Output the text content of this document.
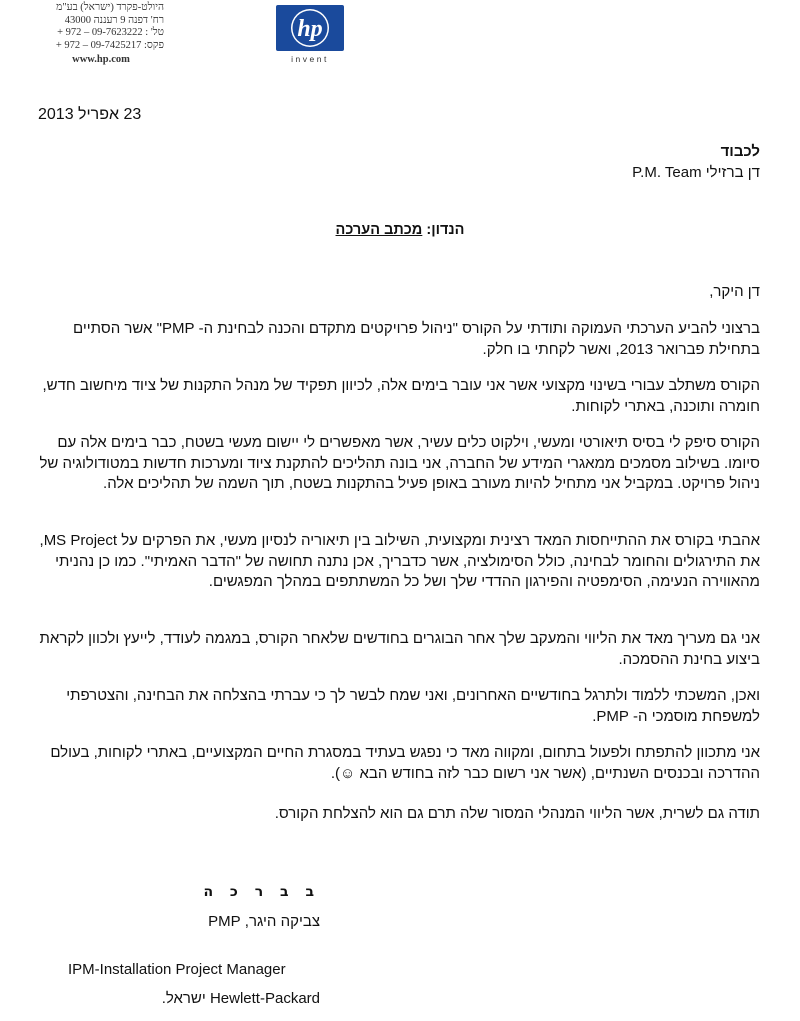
היולט-פקרד (ישראל) בע"מ
רח' דפנה 9 רעננה 43000
טל' : 09-7623222 – 972 +
פקס: 09-7425217 – 972 +
www.hp.com
hp
invent
23 אפריל 2013
לכבוד
דן ברזילי P.M. Team
הנדון: מכתב הערכה

דן היקר,

ברצוני להביע הערכתי העמוקה ותודתי על הקורס "ניהול פרויקטים מתקדם והכנה לבחינת ה- PMP" אשר הסתיים בתחילת פברואר 2013, ואשר לקחתי בו חלק.

הקורס משתלב עבורי בשינוי מקצועי אשר אני עובר בימים אלה, לכיוון תפקיד של מנהל התקנות של ציוד מיחשוב חדש, חומרה ותוכנה, באתרי לקוחות.

הקורס סיפק לי בסיס תיאורטי ומעשי, וילקוט כלים עשיר, אשר מאפשרים לי יישום מעשי בשטח, כבר בימים אלה עם סיומו. בשילוב מסמכים ממאגרי המידע של החברה, אני בונה תהליכים להתקנת ציוד ומערכות חדשות במטודולוגיה של ניהול פרויקט. במקביל אני מתחיל להיות מעורב באופן פעיל בהתקנות בשטח, תוך השמה של תהליכים אלה.

אהבתי בקורס את ההתייחסות המאד רצינית ומקצועית, השילוב בין תיאוריה לנסיון מעשי, את הפרקים על MS Project, את התירגולים והחומר לבחינה, כולל הסימולציה, אשר כדבריך, אכן נתנה תחושה של "הדבר האמיתי". כמו כן נהניתי מהאווירה הנעימה, הסימפטיה והפירגון ההדדי שלך ושל כל המשתתפים במהלך המפגשים.

אני גם מעריך מאד את הליווי והמעקב שלך אחר הבוגרים בחודשים שלאחר הקורס, במגמה לעודד, לייעץ ולכוון לקראת ביצוע בחינת ההסמכה.

ואכן, המשכתי ללמוד ולתרגל בחודשיים האחרונים, ואני שמח לבשר לך כי עברתי בהצלחה את הבחינה, והצטרפתי למשפחת מוסמכי ה- PMP.

אני מתכוון להתפתח ולפעול בתחום, ומקווה מאד כי נפגש בעתיד במסגרת החיים המקצועיים, באתרי לקוחות, בעולם ההדרכה ובכנסים השנתיים, (אשר אני רשום כבר לזה בחודש הבא ☺).

תודה גם לשרית, אשר הליווי המנהלי המסור שלה תרם גם הוא להצלחת הקורס.

ב ב ר כ ה
צביקה היגר, PMP
IPM-Installation Project Manager
Hewlett-Packard ישראל.
